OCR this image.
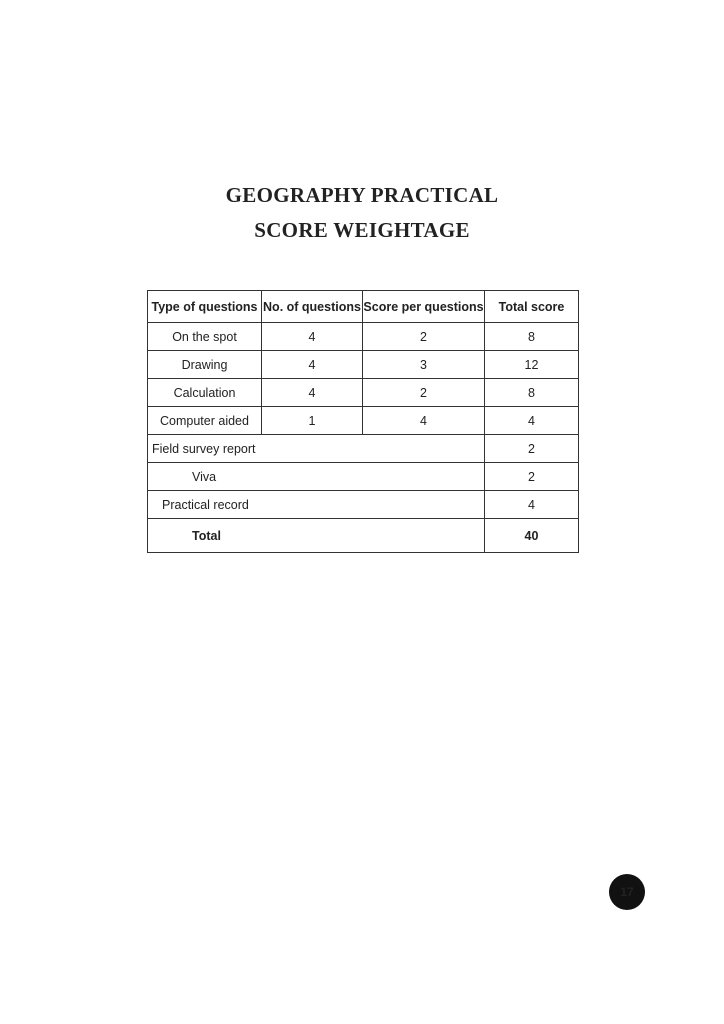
GEOGRAPHY PRACTICAL
SCORE WEIGHTAGE
Type of questions	No. of questions	Score per questions	Total score
On the spot	4	2	8
Drawing	4	3	12
Calculation	4	2	8
Computer aided	1	4	4
Field survey report			2
Viva			2
Practical record			4
Total			40
17
